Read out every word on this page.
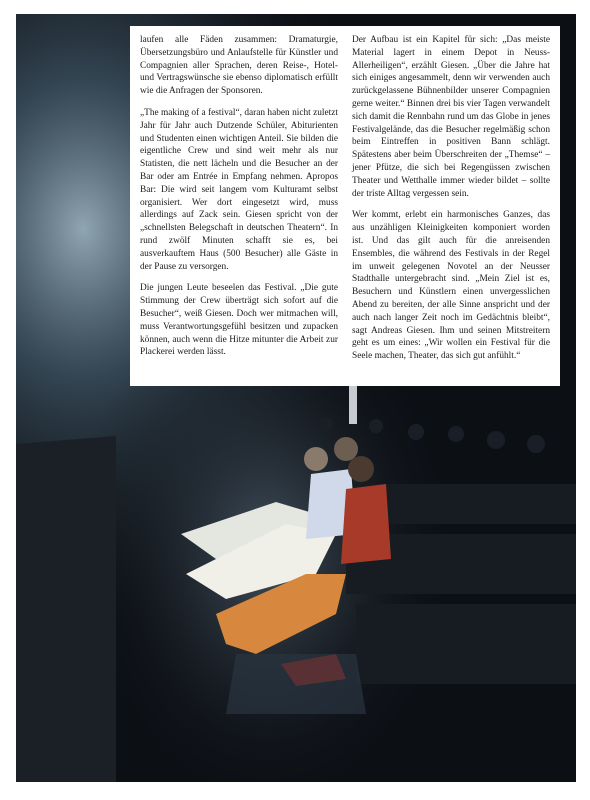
laufen alle Fäden zusammen: Dramaturgie, Übersetzungsbüro und Anlaufstelle für Künstler und Compagnien aller Sprachen, deren Reise-, Hotel- und Vertragswünsche sie ebenso diplomatisch erfüllt wie die Anfragen der Sponsoren.

„The making of a festival“, daran haben nicht zuletzt Jahr für Jahr auch Dutzende Schüler, Abiturienten und Studenten einen wichtigen Anteil. Sie bilden die eigentliche Crew und sind weit mehr als nur Statisten, die nett lächeln und die Besucher an der Bar oder am Entrée in Empfang nehmen. Apropos Bar: Die wird seit langem vom Kulturamt selbst organisiert. Wer dort eingesetzt wird, muss allerdings auf Zack sein. Giesen spricht von der „schnellsten Belegschaft in deutschen Theatern“. In rund zwölf Minuten schafft sie es, bei ausverkauftem Haus (500 Besucher) alle Gäste in der Pause zu versorgen.

Die jungen Leute beseelen das Festival. „Die gute Stimmung der Crew überträgt sich sofort auf die Besucher“, weiß Giesen. Doch wer mitmachen will, muss Verantwortungsgefühl besitzen und zupacken können, auch wenn die Hitze mitunter die Arbeit zur Plackerei werden lässt.

Der Aufbau ist ein Kapitel für sich: „Das meiste Material lagert in einem Depot in Neuss-Allerheiligen“, erzählt Giesen. „Über die Jahre hat sich einiges angesammelt, denn wir verwenden auch zurückgelassene Bühnenbilder unserer Compagnien gerne weiter.“ Binnen drei bis vier Tagen verwandelt sich damit die Rennbahn rund um das Globe in jenes Festivalgelände, das die Besucher regelmäßig schon beim Eintreffen in positiven Bann schlägt. Spätestens aber beim Überschreiten der „Themse“ – jener Pfütze, die sich bei Regengüssen zwischen Theater und Wetthalle immer wieder bildet – sollte der triste Alltag vergessen sein.

Wer kommt, erlebt ein harmonisches Ganzes, das aus unzähligen Kleinigkeiten komponiert worden ist. Und das gilt auch für die anreisenden Ensembles, die während des Festivals in der Regel im unweit gelegenen Novotel an der Neusser Stadthalle untergebracht sind. „Mein Ziel ist es, Besuchern und Künstlern einen unvergesslichen Abend zu bereiten, der alle Sinne anspricht und der auch nach langer Zeit noch im Gedächtnis bleibt“, sagt Andreas Giesen. Ihm und seinen Mitstreitern geht es um eines: „Wir wollen ein Festival für die Seele machen, Theater, das sich gut anfühlt.“
